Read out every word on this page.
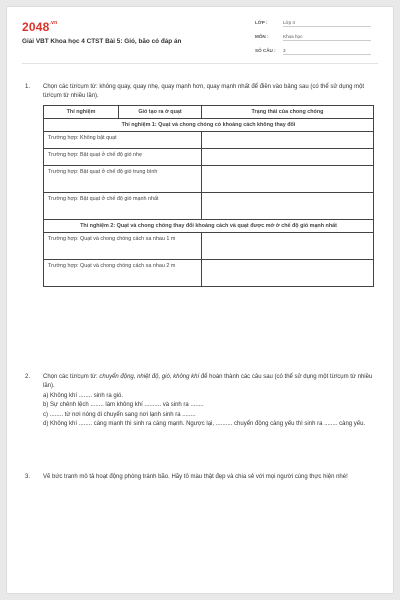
$2048^{.vn}$
Giải VBT Khoa học 4 CTST Bài 5: Gió, bão có đáp án
LỚP :	Lớp 4
MÔN :	Khoa học
SỐ CÂU : 3
1. Chọn các từ/cụm từ: không quay, quay nhẹ, quay mạnh hơn, quay mạnh nhất để điền vào bảng sau (có thể sử dụng một từ/cụm từ nhiều lần).
Thí nghiệm	Gió tạo ra ở quạt	Trạng thái của chong chóng
Thí nghiệm 1: Quạt và chong chóng có khoảng cách không thay đổi		
Trường hợp: Không bật quạt		
Trường hợp: Bật quạt ở chế độ gió nhẹ		
Trường hợp: Bật quạt ở chế độ gió trung bình		
Trường hợp: Bật quạt ở chế độ gió mạnh nhất		
Thí nghiệm 2: Quạt và chong chóng thay đổi khoảng cách và quạt được mở ở chế độ gió mạnh nhất		
Trường hợp: Quạt và chong chóng cách xa nhau 1 m		
Trường hợp: Quạt và chong chóng cách xa nhau 2 m		
2. Chọn các từ/cụm từ: chuyển động, nhiệt độ, gió, không khí để hoàn thành các câu sau (có thể sử dụng một từ/cụm từ nhiều lần).
a) Không khí ........ sinh ra gió.
b) Sự chênh lệch ........ làm không khí .......... và sinh ra ........
c) ........ từ nơi nóng di chuyển sang nơi lạnh sinh ra ........
d) Không khí ........ càng mạnh thì sinh ra càng mạnh. Ngược lại, .......... chuyển động càng yếu thì sinh ra ........ càng yếu.
3. Vẽ bức tranh mô tả hoạt động phòng tránh bão. Hãy tô màu thật đẹp và chia sẻ với mọi người cùng thực hiện nhé!
